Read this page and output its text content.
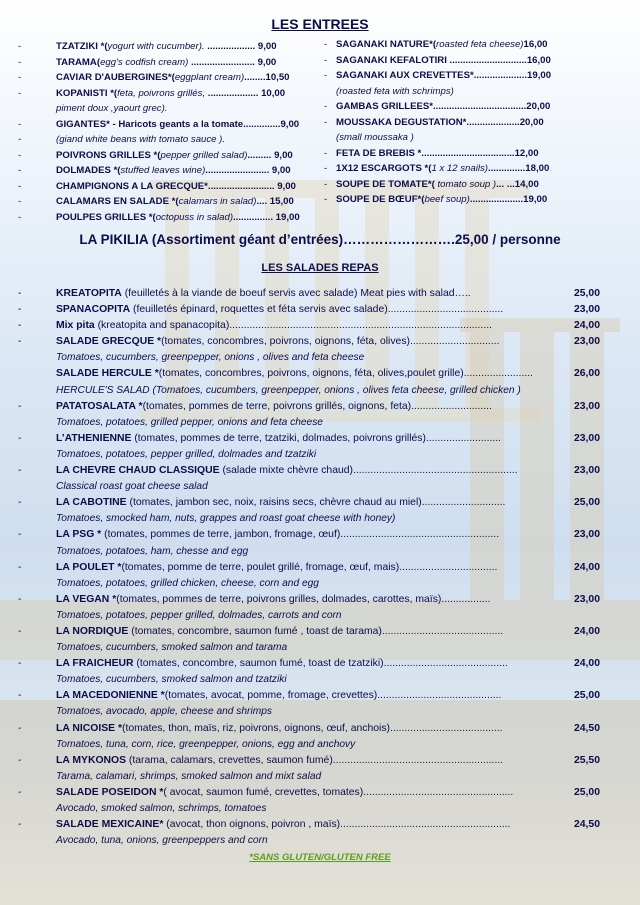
LES ENTREES
-	TZATZIKI *(yogurt with cucumber). .................. 9,00
-	TARAMA(egg's codfish cream) ........................ 9,00
-	CAVIAR D'AUBERGINES*(eggplant cream)........10,50
-	KOPANISTI *(feta, poivrons grillés, ................... 10,00
piment doux ,yaourt grec).
-	GIGANTES* - Haricots geants a la tomate..............9,00
-	(giand white beans with tomato sauce ).
-	POIVRONS GRILLES *(pepper grilled salad)......... 9,00
-	DOLMADES *(stuffed leaves wine)........................ 9,00
-	CHAMPIGNONS A LA GRECQUE*......................... 9,00
-	CALAMARS EN SALADE *(calamars in salad).... 15,00
-	POULPES GRILLES *(octopuss in salad)............... 19,00
- SAGANAKI NATURE*(roasted feta cheese)16,00
- SAGANAKI KEFALOTIRI .............................16,00
- SAGANAKI AUX CREVETTES*....................19,00
(roasted feta with schrimps)
- GAMBAS GRILLEES*...................................20,00
- MOUSSAKA DEGUSTATION*....................20,00
(small moussaka )
- FETA DE BREBIS *...................................12,00
- 1X12 ESCARGOTS *(1 x 12 snails)..............18,00
- SOUPE DE TOMATE*( tomato soup )... ...14,00
- SOUPE DE BŒUF*(beef soup)....................19,00
LA PIKILIA (Assortiment géant d’entrées)…………………….25,00 / personne
LES SALADES REPAS
-	KREATOPITA (feuilletés à la viande de boeuf servis avec salade) Meat pies with salad…..	25,00
-	SPANACOPITA (feuilletés épinard, roquettes et féta servis avec salade)........................................	23,00
-	Mix pita (kreatopita and spanacopita)...........................................................................................	24,00
-	SALADE GRECQUE *(tomates, concombres, poivrons, oignons, féta, olives)...............................	23,00
Tomatoes, cucumbers, greenpepper, onions , olives and feta cheese
SALADE HERCULE *(tomates, concombres, poivrons, oignons, féta, olives,poulet grille)........................	26,00
HERCULE'S SALAD (Tomatoes, cucumbers, greenpepper, onions , olives feta cheese, grilled chicken )
-	PATATOSALATA *(tomates, pommes de terre, poivrons grillés, oignons, feta)............................	23,00
Tomatoes, potatoes, grilled pepper, onions and feta cheese
-	L’ATHENIENNE (tomates, pommes de terre, tzatziki, dolmades, poivrons grillés)..........................	23,00
Tomatoes, potatoes, pepper grilled, dolmades and tzatziki
-	LA CHEVRE CHAUD CLASSIQUE (salade mixte chèvre chaud).........................................................	23,00
Classical roast goat cheese salad
-	LA CABOTINE (tomates, jambon sec, noix, raisins secs, chèvre chaud au miel).............................	25,00
Tomatoes, smocked ham, nuts, grappes and roast goat cheese with honey)
-	LA PSG * (tomates, pommes de terre, jambon, fromage, œuf).......................................................	23,00
Tomatoes, potatoes, ham, chesse and egg
-	LA POULET *(tomates, pomme de terre, poulet grillé, fromage, œuf, mais)..................................	24,00
Tomatoes, potatoes, grilled chicken, cheese, corn and egg
-	LA VEGAN *(tomates, pommes de terre, poivrons grilles, dolmades, carottes, maïs).................	23,00
Tomatoes, potatoes, pepper grilled, dolmades, carrots and corn
-	LA NORDIQUE (tomates, concombre, saumon fumé , toast de tarama)..........................................	24,00
Tomatoes, cucumbers, smoked salmon and tarama
-	LA FRAICHEUR (tomates, concombre, saumon fumé, toast de tzatziki)...........................................	24,00
Tomatoes, cucumbers, smoked salmon and tzatziki
-	LA MACEDONIENNE *(tomates, avocat, pomme, fromage, crevettes)...........................................	25,00
Tomatoes, avocado, apple, cheese and shrimps
-	LA NICOISE *(tomates, thon, maïs, riz, poivrons, oignons, œuf, anchois).......................................	24,50
Tomatoes, tuna, corn, rice, greenpepper, onions, egg and anchovy
-	LA MYKONOS (tarama, calamars, crevettes, saumon fumé)...........................................................	25,50
Tarama, calamari, shrimps, smoked salmon and mixt salad
-	SALADE POSEIDON *( avocat, saumon fumé, crevettes, tomates)....................................................	25,00
Avocado, smoked salmon, schrimps, tomatoes
-	SALADE MEXICAINE* (avocat, thon oignons, poivron , maïs)...........................................................	24,50
Avocado, tuna, onions, greenpeppers and corn
*SANS GLUTEN/GLUTEN FREE
